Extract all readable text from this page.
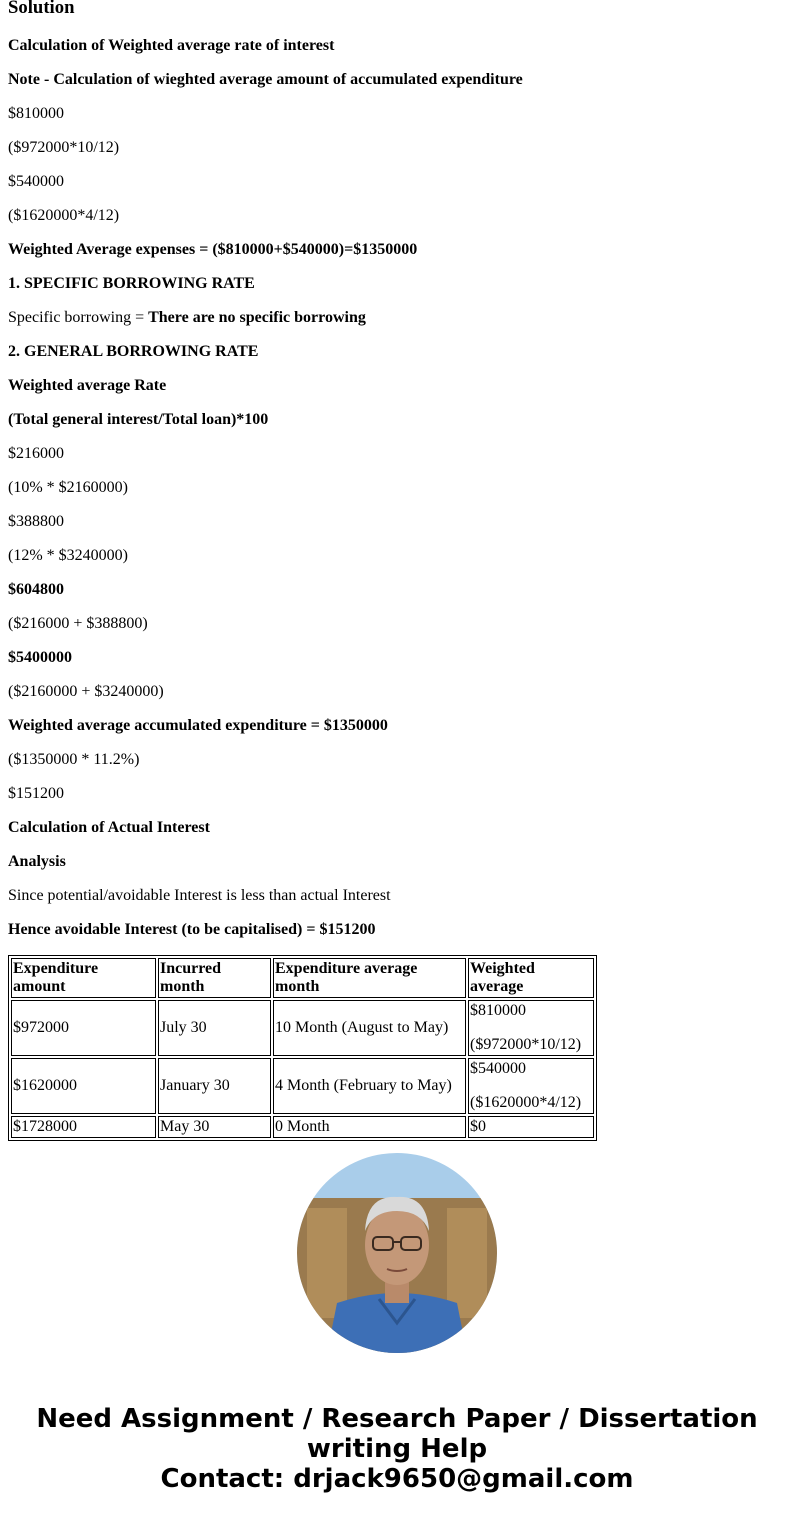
Solution

Calculation of Weighted average rate of interest

Note - Calculation of wieghted average amount of accumulated expenditure

$810000

($972000*10/12)

$540000

($1620000*4/12)

Weighted Average expenses = ($810000+$540000)=$1350000

1. SPECIFIC BORROWING RATE

Specific borrowing = There are no specific borrowing

2. GENERAL BORROWING RATE

Weighted average Rate

(Total general interest/Total loan)*100

$216000

(10% * $2160000)

$388800

(12% * $3240000)

$604800

($216000 + $388800)

$5400000

($2160000 + $3240000)

Weighted average accumulated expenditure = $1350000

($1350000 * 11.2%)

$151200

Calculation of Actual Interest

Analysis

Since potential/avoidable Interest is less than actual Interest

Hence avoidable Interest (to be capitalised) = $151200

Expenditure amount	Incurred month	Expenditure average month	Weighted average
$972000	July 30	10 Month (August to May)	$810000
($972000*10/12)

$1620000	January 30	4 Month (February to May)	$540000
($1620000*4/12)

$1728000	May 30	0 Month	$0
Need Assignment / Research Paper / Dissertation
writing Help
Contact: drjack9650@gmail.com
